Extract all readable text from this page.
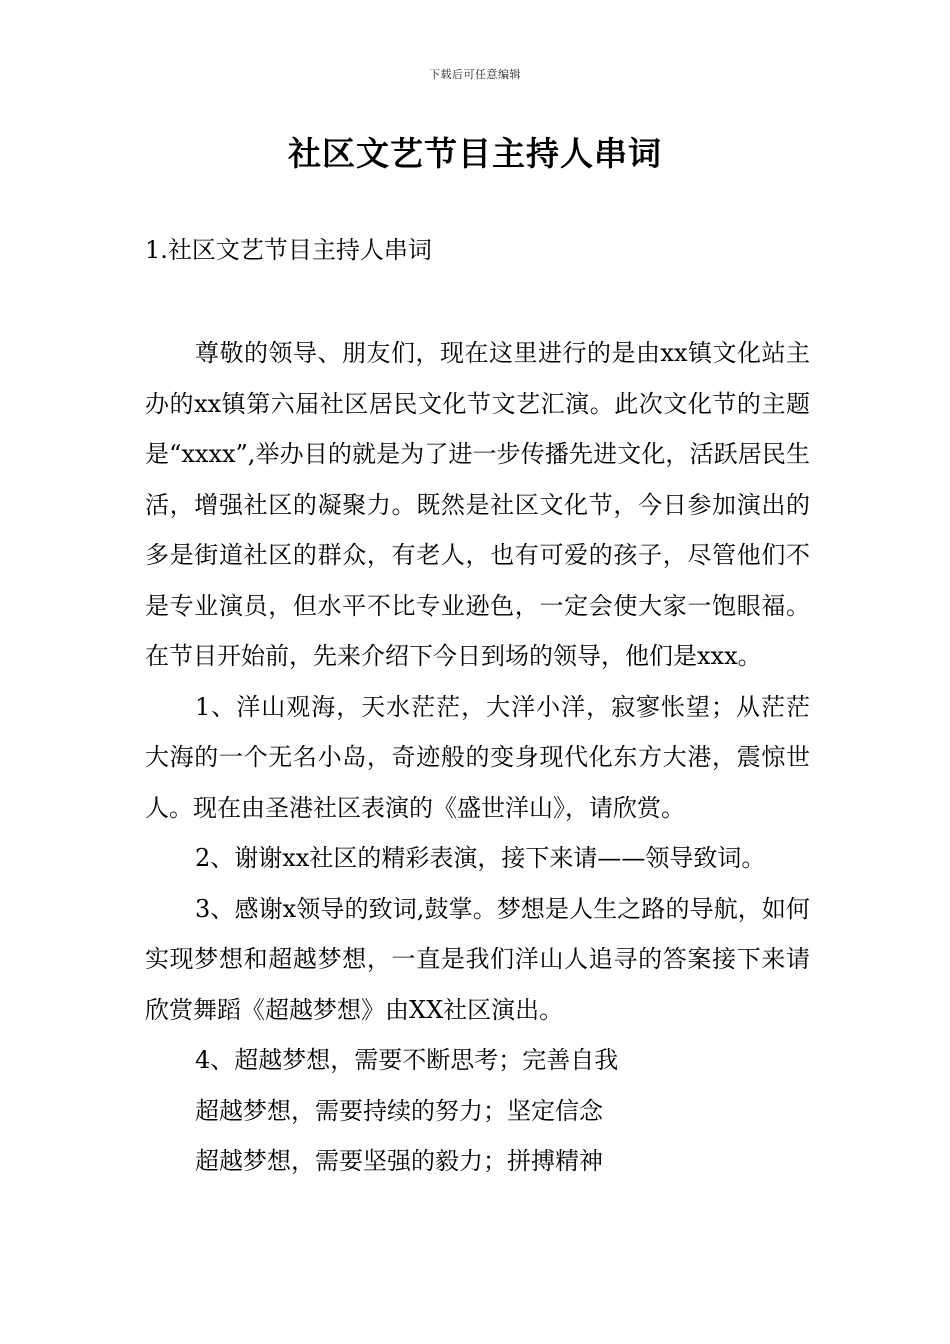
下载后可任意编辑
社区文艺节目主持人串词
1.社区文艺节目主持人串词

尊敬的领导、朋友们，现在这里进行的是由xx镇文化站主办的xx镇第六届社区居民文化节文艺汇演。此次文化节的主题是“xxxx”,举办目的就是为了进一步传播先进文化，活跃居民生活，增强社区的凝聚力。既然是社区文化节，今日参加演出的多是街道社区的群众，有老人，也有可爱的孩子，尽管他们不是专业演员，但水平不比专业逊色，一定会使大家一饱眼福。在节目开始前，先来介绍下今日到场的领导，他们是xxx。

1、洋山观海，天水茫茫，大洋小洋，寂寥怅望；从茫茫大海的一个无名小岛，奇迹般的变身现代化东方大港，震惊世人。现在由圣港社区表演的《盛世洋山》，请欣赏。

2、谢谢xx社区的精彩表演，接下来请——领导致词。

3、感谢x领导的致词,鼓掌。梦想是人生之路的导航，如何实现梦想和超越梦想，一直是我们洋山人追寻的答案接下来请欣赏舞蹈《超越梦想》由XX社区演出。

4、超越梦想，需要不断思考；完善自我

超越梦想，需要持续的努力；坚定信念

超越梦想，需要坚强的毅力；拼搏精神
